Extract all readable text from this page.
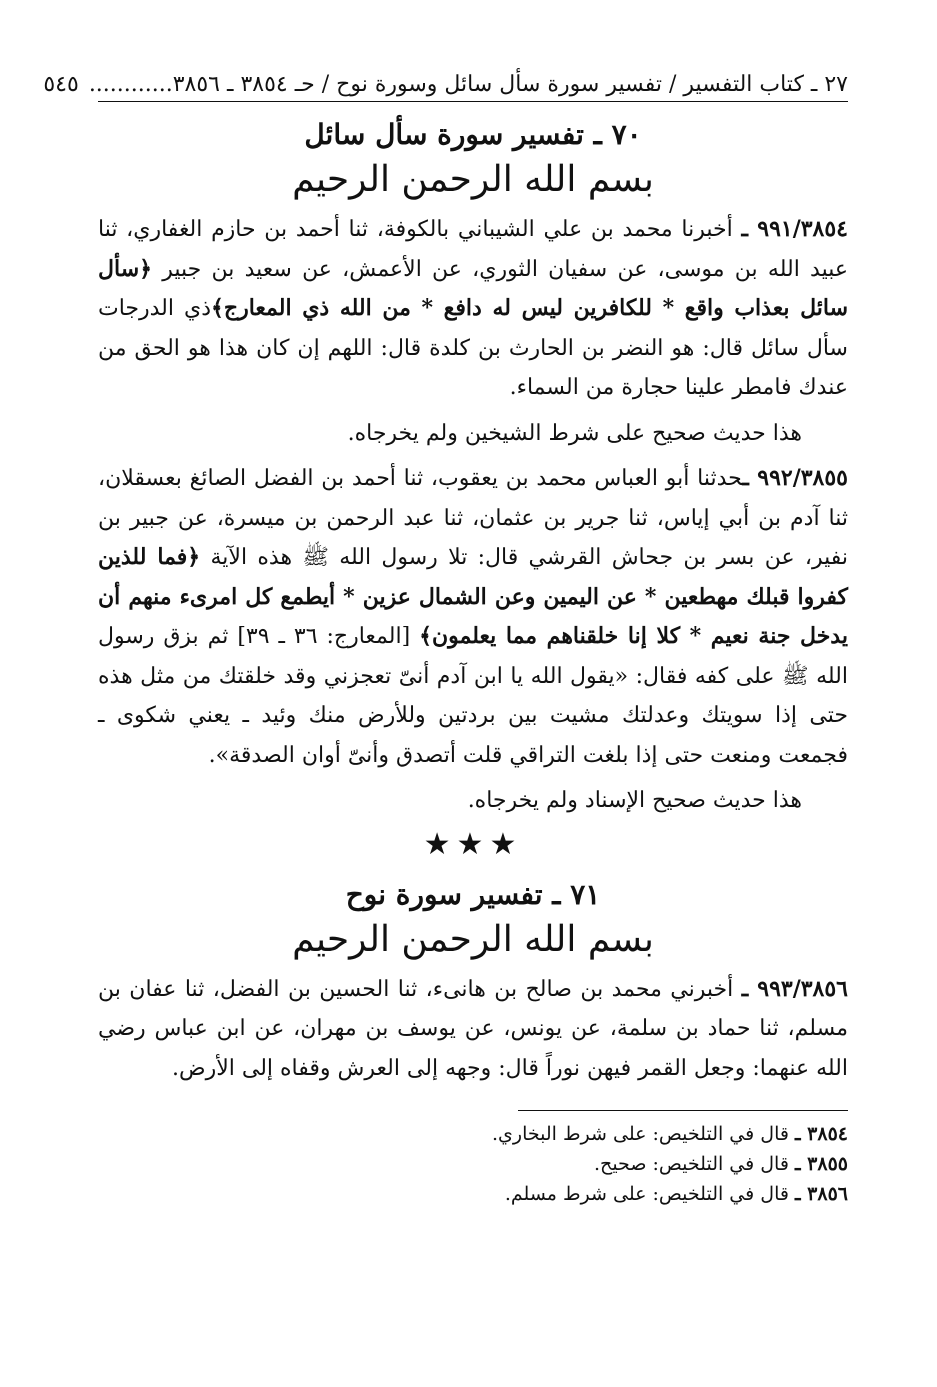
٢٧ ـ كتاب التفسير / تفسير سورة سأل سائل وسورة نوح / حـ ٣٨٥٤ ـ ٣٨٥٦
............
٥٤٥
٧٠ ـ تفسير سورة سأل سائل
بسم الله الرحمن الرحيم

٩٩١/٣٨٥٤ ـ أخبرنا محمد بن علي الشيباني بالكوفة، ثنا أحمد بن حازم الغفاري، ثنا عبيد الله بن موسى، عن سفيان الثوري، عن الأعمش، عن سعيد بن جبير ﴿سأل سائل بعذاب واقع * للكافرين ليس له دافع * من الله ذي المعارج﴾ذي الدرجات سأل سائل قال: هو النضر بن الحارث بن كلدة قال: اللهم إن كان هذا هو الحق من عندك فامطر علينا حجارة من السماء.

هذا حديث صحيح على شرط الشيخين ولم يخرجاه.

٩٩٢/٣٨٥٥ ـحدثنا أبو العباس محمد بن يعقوب، ثنا أحمد بن الفضل الصائغ بعسقلان، ثنا آدم بن أبي إياس، ثنا جرير بن عثمان، ثنا عبد الرحمن بن ميسرة، عن جبير بن نفير، عن بسر بن جحاش القرشي قال: تلا رسول الله ﷺ هذه الآية ﴿فما للذين كفروا قبلك مهطعين * عن اليمين وعن الشمال عزين * أيطمع كل امرىء منهم أن يدخل جنة نعيم * كلا إنا خلقناهم مما يعلمون﴾ [المعارج: ٣٦ ـ ٣٩] ثم بزق رسول الله ﷺ على كفه فقال: «يقول الله يا ابن آدم أنىّ تعجزني وقد خلقتك من مثل هذه حتى إذا سويتك وعدلتك مشيت بين بردتين وللأرض منك وئيد ـ يعني شكوى ـ فجمعت ومنعت حتى إذا بلغت التراقي قلت أتصدق وأنىّ أوان الصدقة».

هذا حديث صحيح الإسناد ولم يخرجاه.
★★★
٧١ ـ تفسير سورة نوح
بسم الله الرحمن الرحيم

٩٩٣/٣٨٥٦ ـ أخبرني محمد بن صالح بن هانىء، ثنا الحسين بن الفضل، ثنا عفان بن مسلم، ثنا حماد بن سلمة، عن يونس، عن يوسف بن مهران، عن ابن عباس رضي الله عنهما: وجعل القمر فيهن نوراً قال: وجهه إلى العرش وقفاه إلى الأرض.

٣٨٥٤ ـ قال في التلخيص: على شرط البخاري.
٣٨٥٥ ـ قال في التلخيص: صحيح.
٣٨٥٦ ـ قال في التلخيص: على شرط مسلم.
